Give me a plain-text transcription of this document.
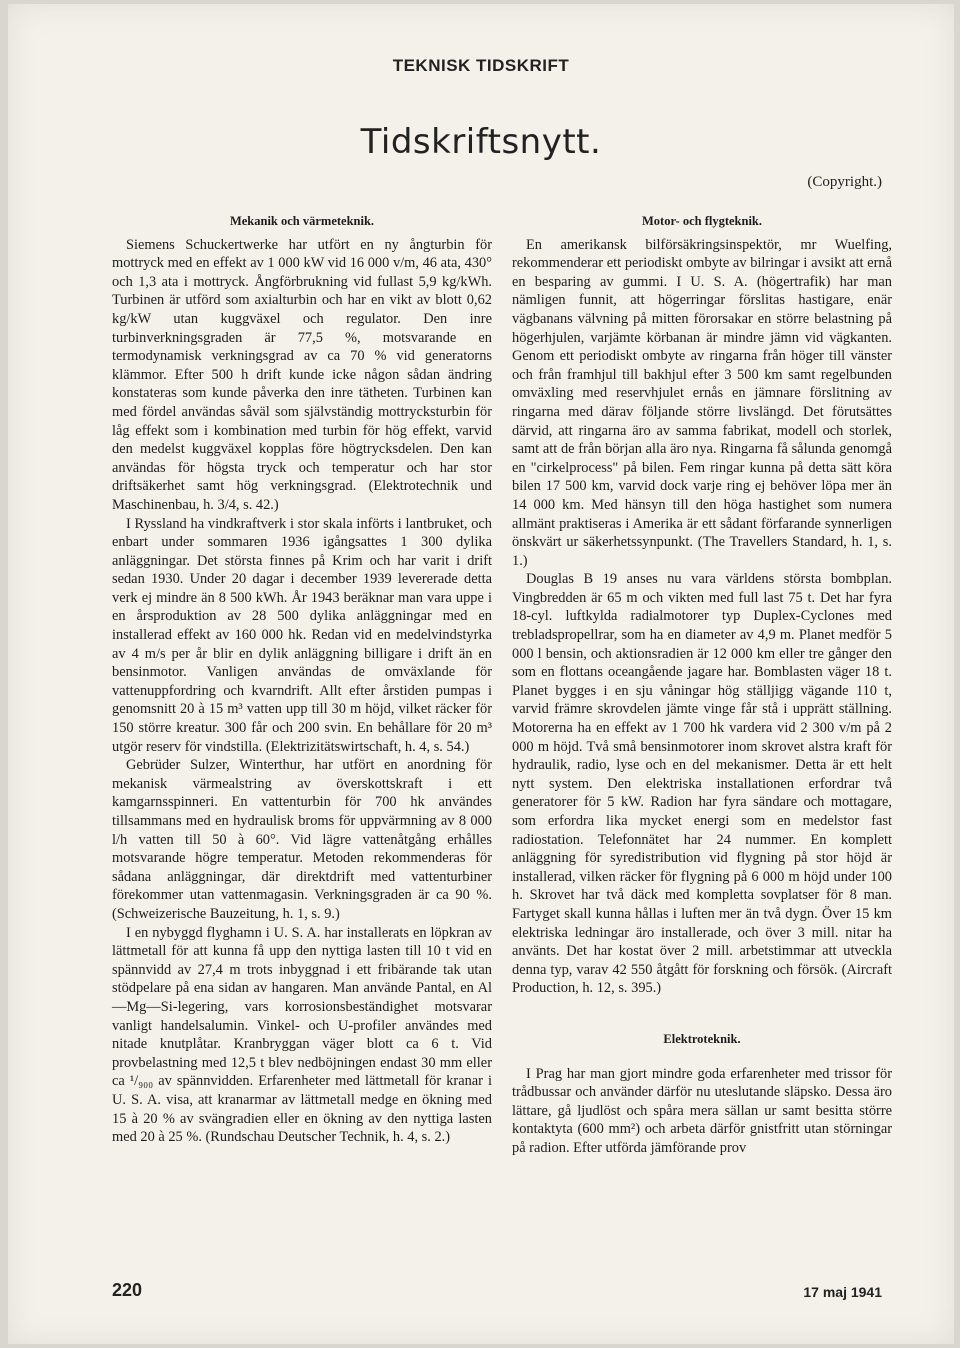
TEKNISK TIDSKRIFT
Tidskriftsnytt.
(Copyright.)
Mekanik och värmeteknik.

Siemens Schuckertwerke har utfört en ny ångturbin för mottryck med en effekt av 1 000 kW vid 16 000 v/m, 46 ata, 430° och 1,3 ata i mottryck. Ångförbrukning vid fullast 5,9 kg/kWh. Turbinen är utförd som axialturbin och har en vikt av blott 0,62 kg/kW utan kuggväxel och regulator. Den inre turbinverkningsgraden är 77,5 %, motsvarande en termodynamisk verkningsgrad av ca 70 % vid generatorns klämmor. Efter 500 h drift kunde icke någon sådan ändring konstateras som kunde påverka den inre tätheten. Turbinen kan med fördel användas såväl som självständig mottrycksturbin för låg effekt som i kombination med turbin för hög effekt, varvid den medelst kuggväxel kopplas före högtrycksdelen. Den kan användas för högsta tryck och temperatur och har stor driftsäkerhet samt hög verkningsgrad. (Elektrotechnik und Maschinenbau, h. 3/4, s. 42.)

I Ryssland ha vindkraftverk i stor skala införts i lantbruket, och enbart under sommaren 1936 igångsattes 1 300 dylika anläggningar. Det största finnes på Krim och har varit i drift sedan 1930. Under 20 dagar i december 1939 levererade detta verk ej mindre än 8 500 kWh. År 1943 beräknar man vara uppe i en årsproduktion av 28 500 dylika anläggningar med en installerad effekt av 160 000 hk. Redan vid en medelvindstyrka av 4 m/s per år blir en dylik anläggning billigare i drift än en bensinmotor. Vanligen användas de omväxlande för vattenuppfordring och kvarndrift. Allt efter årstiden pumpas i genomsnitt 20 à 15 m³ vatten upp till 30 m höjd, vilket räcker för 150 större kreatur. 300 får och 200 svin. En behållare för 20 m³ utgör reserv för vindstilla. (Elektrizitätswirtschaft, h. 4, s. 54.)

Gebrüder Sulzer, Winterthur, har utfört en anordning för mekanisk värmealstring av överskottskraft i ett kamgarnsspinneri. En vattenturbin för 700 hk användes tillsammans med en hydraulisk broms för uppvärmning av 8 000 l/h vatten till 50 à 60°. Vid lägre vattenåtgång erhålles motsvarande högre temperatur. Metoden rekommenderas för sådana anläggningar, där direktdrift med vattenturbiner förekommer utan vattenmagasin. Verkningsgraden är ca 90 %. (Schweizerische Bauzeitung, h. 1, s. 9.)

I en nybyggd flyghamn i U. S. A. har installerats en löpkran av lättmetall för att kunna få upp den nyttiga lasten till 10 t vid en spännvidd av 27,4 m trots inbyggnad i ett fribärande tak utan stödpelare på ena sidan av hangaren. Man använde Pantal, en Al—Mg—Si-legering, vars korrosionsbeständighet motsvarar vanligt handelsalumin. Vinkel- och U-profiler användes med nitade knutplåtar. Kranbryggan väger blott ca 6 t. Vid provbelastning med 12,5 t blev nedböjningen endast 30 mm eller ca ¹/₉₀₀ av spännvidden. Erfarenheter med lättmetall för kranar i U. S. A. visa, att kranarmar av lättmetall medge en ökning med 15 à 20 % av svängradien eller en ökning av den nyttiga lasten med 20 à 25 %. (Rundschau Deutscher Technik, h. 4, s. 2.)

Motor- och flygteknik.

En amerikansk bilförsäkringsinspektör, mr Wuelfing, rekommenderar ett periodiskt ombyte av bilringar i avsikt att ernå en besparing av gummi. I U. S. A. (högertrafik) har man nämligen funnit, att högerringar förslitas hastigare, enär vägbanans välvning på mitten förorsakar en större belastning på högerhjulen, varjämte körbanan är mindre jämn vid vägkanten. Genom ett periodiskt ombyte av ringarna från höger till vänster och från framhjul till bakhjul efter 3 500 km samt regelbunden omväxling med reservhjulet ernås en jämnare förslitning av ringarna med därav följande större livslängd. Det förutsättes därvid, att ringarna äro av samma fabrikat, modell och storlek, samt att de från början alla äro nya. Ringarna få sålunda genomgå en "cirkelprocess" på bilen. Fem ringar kunna på detta sätt köra bilen 17 500 km, varvid dock varje ring ej behöver löpa mer än 14 000 km. Med hänsyn till den höga hastighet som numera allmänt praktiseras i Amerika är ett sådant förfarande synnerligen önskvärt ur säkerhetssynpunkt. (The Travellers Standard, h. 1, s. 1.)

Douglas B 19 anses nu vara världens största bombplan. Vingbredden är 65 m och vikten med full last 75 t. Det har fyra 18-cyl. luftkylda radialmotorer typ Duplex-Cyclones med trebladspropellrar, som ha en diameter av 4,9 m. Planet medför 5 000 l bensin, och aktionsradien är 12 000 km eller tre gånger den som en flottans oceangående jagare har. Bomblasten väger 18 t. Planet bygges i en sju våningar hög ställjigg vägande 110 t, varvid främre skrovdelen jämte vinge får stå i upprätt ställning. Motorerna ha en effekt av 1 700 hk vardera vid 2 300 v/m på 2 000 m höjd. Två små bensinmotorer inom skrovet alstra kraft för hydraulik, radio, lyse och en del mekanismer. Detta är ett helt nytt system. Den elektriska installationen erfordrar två generatorer för 5 kW. Radion har fyra sändare och mottagare, som erfordra lika mycket energi som en medelstor fast radiostation. Telefonnätet har 24 nummer. En komplett anläggning för syredistribution vid flygning på stor höjd är installerad, vilken räcker för flygning på 6 000 m höjd under 100 h. Skrovet har två däck med kompletta sovplatser för 8 man. Fartyget skall kunna hållas i luften mer än två dygn. Över 15 km elektriska ledningar äro installerade, och över 3 mill. nitar ha använts. Det har kostat över 2 mill. arbetstimmar att utveckla denna typ, varav 42 550 åtgått för forskning och försök. (Aircraft Production, h. 12, s. 395.)

Elektroteknik.

I Prag har man gjort mindre goda erfarenheter med trissor för trådbussar och använder därför nu uteslutande släpsko. Dessa äro lättare, gå ljudlöst och spåra mera sällan ur samt besitta större kontaktyta (600 mm²) och arbeta därför gnistfritt utan störningar på radion. Efter utförda jämförande prov

220	17 maj 1941
